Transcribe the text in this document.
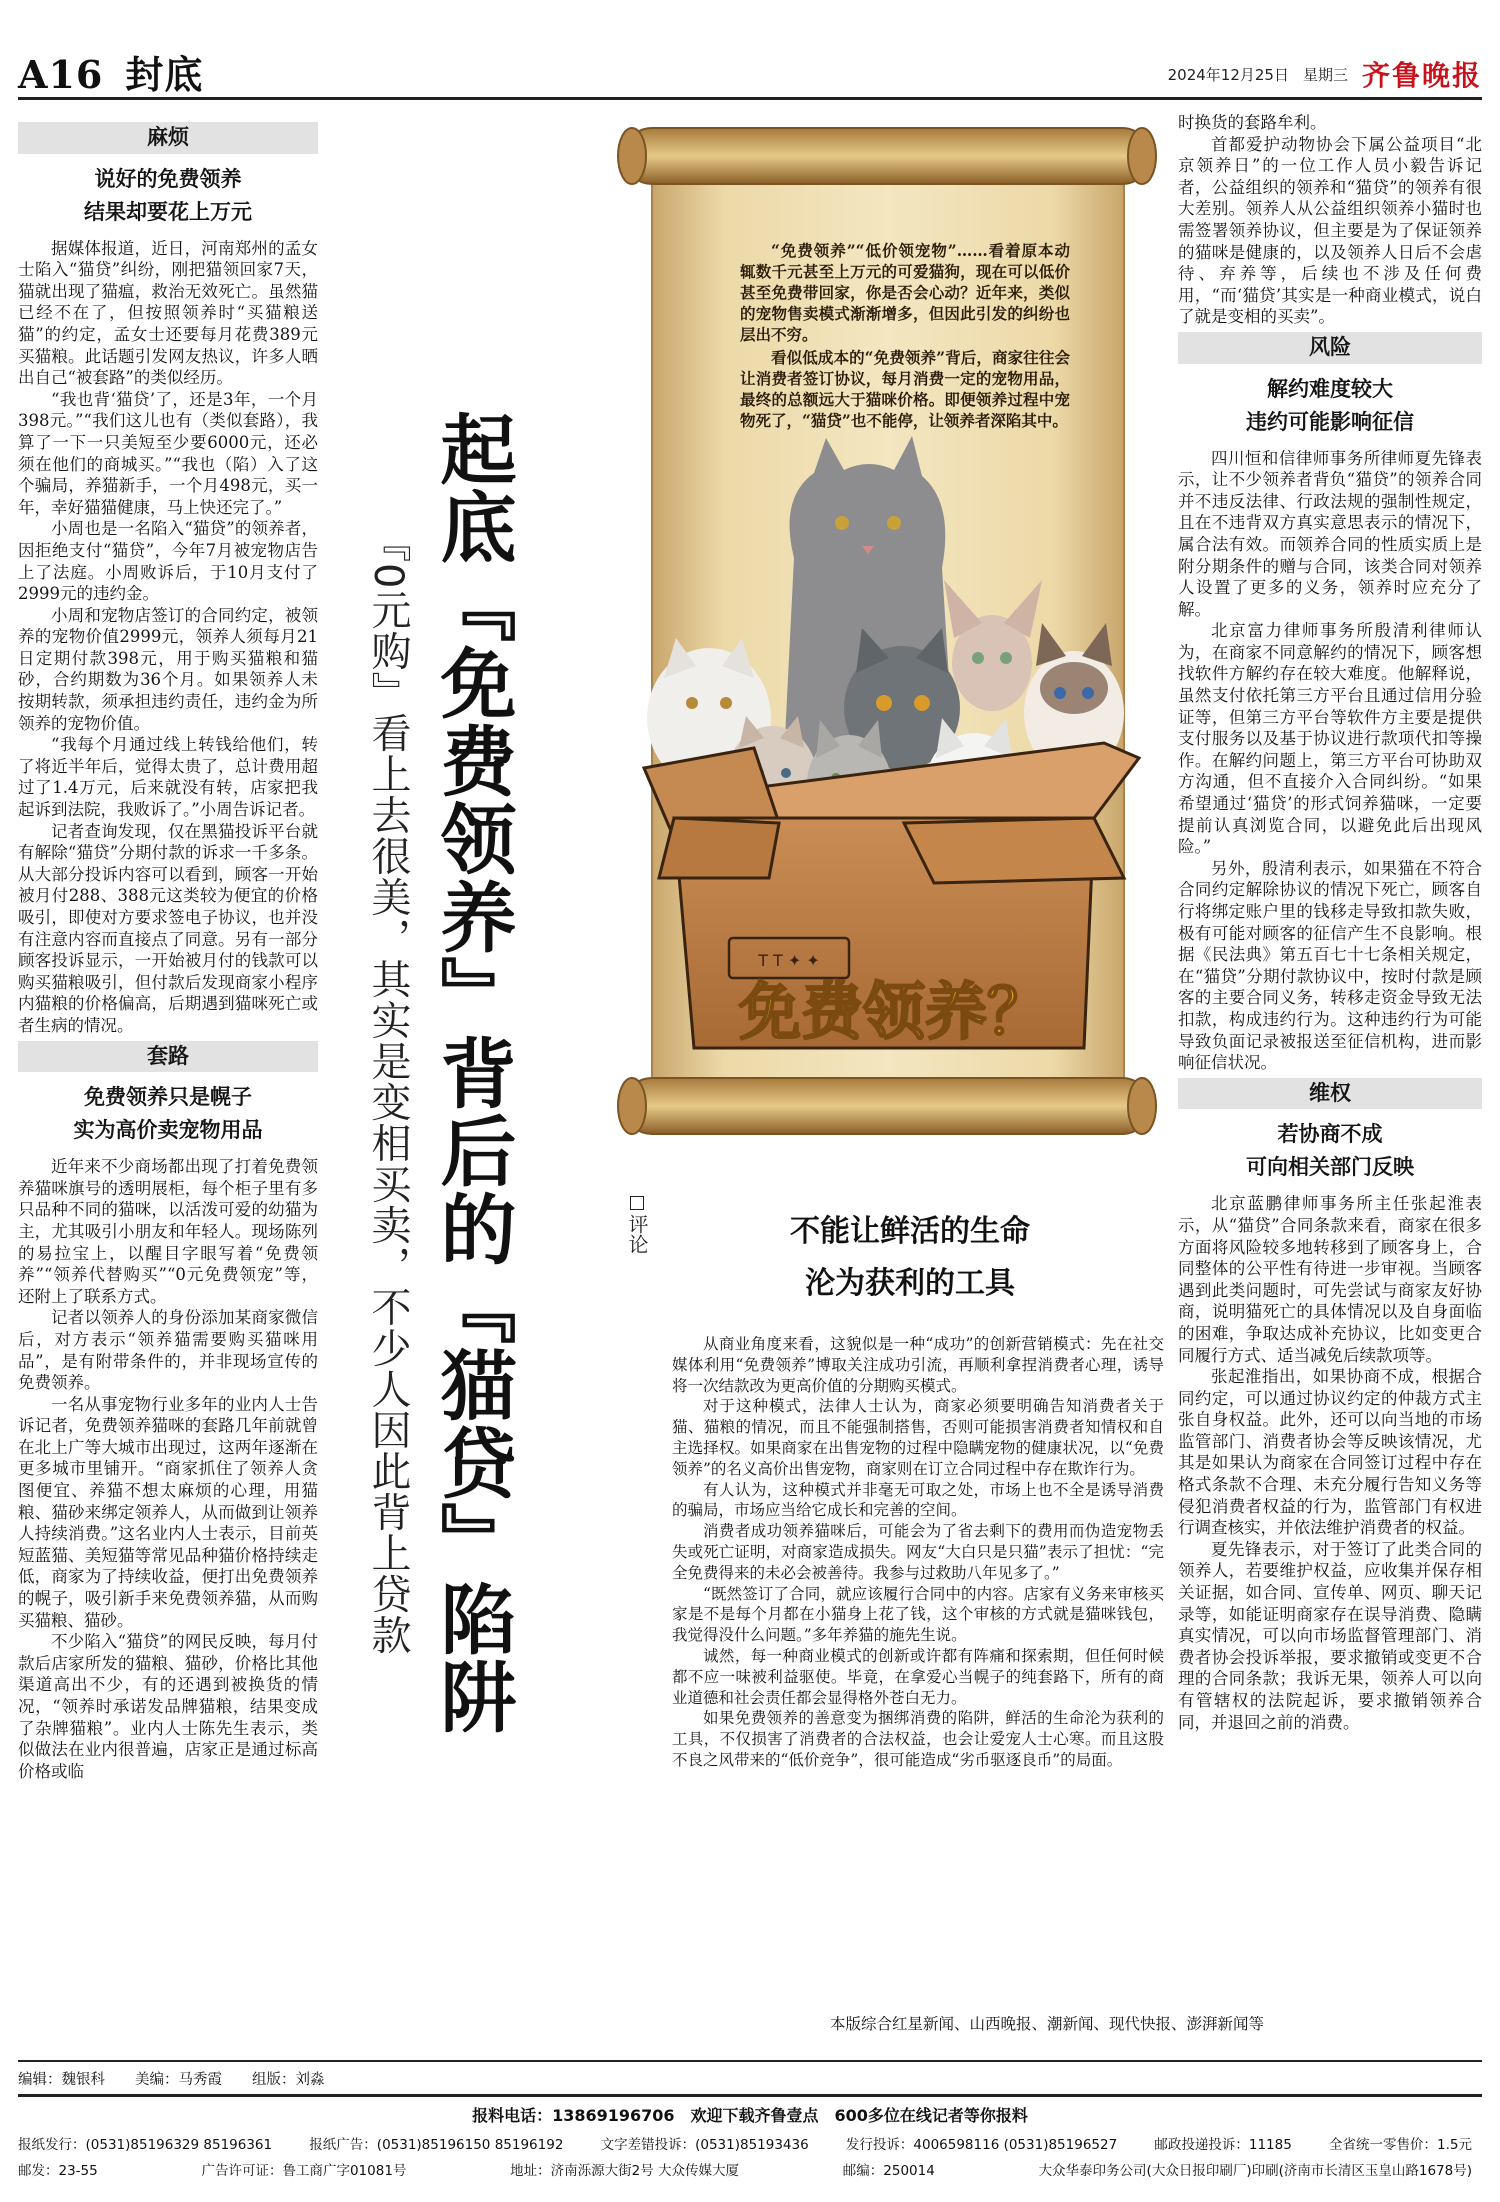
A16 封底	2024年12月25日 星期三 齐鲁晚报
麻烦
说好的免费领养
结果却要花上万元

据媒体报道，近日，河南郑州的孟女士陷入“猫贷”纠纷，刚把猫领回家7天，猫就出现了猫瘟，救治无效死亡。虽然猫已经不在了，但按照领养时“买猫粮送猫”的约定，孟女士还要每月花费389元买猫粮。此话题引发网友热议，许多人晒出自己“被套路”的类似经历。

“我也背‘猫贷’了，还是3年，一个月398元。”“我们这儿也有（类似套路），我算了一下一只美短至少要6000元，还必须在他们的商城买。”“我也（陷）入了这个骗局，养猫新手，一个月498元，买一年，幸好猫猫健康，马上快还完了。”

小周也是一名陷入“猫贷”的领养者，因拒绝支付“猫贷”，今年7月被宠物店告上了法庭。小周败诉后，于10月支付了2999元的违约金。

小周和宠物店签订的合同约定，被领养的宠物价值2999元，领养人须每月21日定期付款398元，用于购买猫粮和猫砂，合约期数为36个月。如果领养人未按期转款，须承担违约责任，违约金为所领养的宠物价值。

“我每个月通过线上转钱给他们，转了将近半年后，觉得太贵了，总计费用超过了1.4万元，后来就没有转，店家把我起诉到法院，我败诉了。”小周告诉记者。

记者查询发现，仅在黑猫投诉平台就有解除“猫贷”分期付款的诉求一千多条。从大部分投诉内容可以看到，顾客一开始被月付288、388元这类较为便宜的价格吸引，即使对方要求签电子协议，也并没有注意内容而直接点了同意。另有一部分顾客投诉显示，一开始被月付的钱款可以购买猫粮吸引，但付款后发现商家小程序内猫粮的价格偏高，后期遇到猫咪死亡或者生病的情况。

套路
免费领养只是幌子
实为高价卖宠物用品

近年来不少商场都出现了打着免费领养猫咪旗号的透明展柜，每个柜子里有多只品种不同的猫咪，以活泼可爱的幼猫为主，尤其吸引小朋友和年轻人。现场陈列的易拉宝上，以醒目字眼写着“免费领养”“领养代替购买”“0元免费领宠”等，还附上了联系方式。

记者以领养人的身份添加某商家微信后，对方表示“领养猫需要购买猫咪用品”，是有附带条件的，并非现场宣传的免费领养。

一名从事宠物行业多年的业内人士告诉记者，免费领养猫咪的套路几年前就曾在北上广等大城市出现过，这两年逐渐在更多城市里铺开。“商家抓住了领养人贪图便宜、养猫不想太麻烦的心理，用猫粮、猫砂来绑定领养人，从而做到让领养人持续消费。”这名业内人士表示，目前英短蓝猫、美短猫等常见品种猫价格持续走低，商家为了持续收益，便打出免费领养的幌子，吸引新手来免费领养猫，从而购买猫粮、猫砂。

不少陷入“猫贷”的网民反映，每月付款后店家所发的猫粮、猫砂，价格比其他渠道高出不少，有的还遇到被换货的情况，“领养时承诺发品牌猫粮，结果变成了杂牌猫粮”。业内人士陈先生表示，类似做法在业内很普遍，店家正是通过标高价格或临

起底『免费领养』背后的『猫贷』陷阱
『0元购』看上去很美，其实是变相买卖，不少人因此背上贷款	T T ✦ ✦
免费领养？

“免费领养”“低价领宠物”……看着原本动辄数千元甚至上万元的可爱猫狗，现在可以低价甚至免费带回家，你是否会心动？近年来，类似的宠物售卖模式渐渐增多，但因此引发的纠纷也层出不穷。

看似低成本的“免费领养”背后，商家往往会让消费者签订协议，每月消费一定的宠物用品，最终的总额远大于猫咪价格。即便领养过程中宠物死了，“猫贷”也不能停，让领养者深陷其中。

评论	不能让鲜活的生命
沦为获利的工具

从商业角度来看，这貌似是一种“成功”的创新营销模式：先在社交媒体利用“免费领养”博取关注成功引流，再顺利拿捏消费者心理，诱导将一次结款改为更高价值的分期购买模式。

对于这种模式，法律人士认为，商家必须要明确告知消费者关于猫、猫粮的情况，而且不能强制搭售，否则可能损害消费者知情权和自主选择权。如果商家在出售宠物的过程中隐瞒宠物的健康状况，以“免费领养”的名义高价出售宠物，商家则在订立合同过程中存在欺诈行为。

有人认为，这种模式并非毫无可取之处，市场上也不全是诱导消费的骗局，市场应当给它成长和完善的空间。

消费者成功领养猫咪后，可能会为了省去剩下的费用而伪造宠物丢失或死亡证明，对商家造成损失。网友“大白只是只猫”表示了担忧：“完全免费得来的未必会被善待。我参与过救助八年见多了。”

“既然签订了合同，就应该履行合同中的内容。店家有义务来审核买家是不是每个月都在小猫身上花了钱，这个审核的方式就是猫咪钱包，我觉得没什么问题。”多年养猫的施先生说。

诚然，每一种商业模式的创新或许都有阵痛和探索期，但任何时候都不应一味被利益驱使。毕竟，在拿爱心当幌子的纯套路下，所有的商业道德和社会责任都会显得格外苍白无力。

如果免费领养的善意变为捆绑消费的陷阱，鲜活的生命沦为获利的工具，不仅损害了消费者的合法权益，也会让爱宠人士心寒。而且这股不良之风带来的“低价竞争”，很可能造成“劣币驱逐良币”的局面。

本版综合红星新闻、山西晚报、潮新闻、现代快报、澎湃新闻等

时换货的套路牟利。

首都爱护动物协会下属公益项目“北京领养日”的一位工作人员小毅告诉记者，公益组织的领养和“猫贷”的领养有很大差别。领养人从公益组织领养小猫时也需签署领养协议，但主要是为了保证领养的猫咪是健康的，以及领养人日后不会虐待、弃养等，后续也不涉及任何费用，“而‘猫贷’其实是一种商业模式，说白了就是变相的买卖”。

风险
解约难度较大
违约可能影响征信

四川恒和信律师事务所律师夏先锋表示，让不少领养者背负“猫贷”的领养合同并不违反法律、行政法规的强制性规定，且在不违背双方真实意思表示的情况下，属合法有效。而领养合同的性质实质上是附分期条件的赠与合同，该类合同对领养人设置了更多的义务，领养时应充分了解。

北京富力律师事务所殷清利律师认为，在商家不同意解约的情况下，顾客想找软件方解约存在较大难度。他解释说，虽然支付依托第三方平台且通过信用分验证等，但第三方平台等软件方主要是提供支付服务以及基于协议进行款项代扣等操作。在解约问题上，第三方平台可协助双方沟通，但不直接介入合同纠纷。“如果希望通过‘猫贷’的形式饲养猫咪，一定要提前认真浏览合同，以避免此后出现风险。”

另外，殷清利表示，如果猫在不符合合同约定解除协议的情况下死亡，顾客自行将绑定账户里的钱移走导致扣款失败，极有可能对顾客的征信产生不良影响。根据《民法典》第五百七十七条相关规定，在“猫贷”分期付款协议中，按时付款是顾客的主要合同义务，转移走资金导致无法扣款，构成违约行为。这种违约行为可能导致负面记录被报送至征信机构，进而影响征信状况。

维权
若协商不成
可向相关部门反映

北京蓝鹏律师事务所主任张起淮表示，从“猫贷”合同条款来看，商家在很多方面将风险较多地转移到了顾客身上，合同整体的公平性有待进一步审视。当顾客遇到此类问题时，可先尝试与商家友好协商，说明猫死亡的具体情况以及自身面临的困难，争取达成补充协议，比如变更合同履行方式、适当减免后续款项等。

张起淮指出，如果协商不成，根据合同约定，可以通过协议约定的仲裁方式主张自身权益。此外，还可以向当地的市场监管部门、消费者协会等反映该情况，尤其是如果认为商家在合同签订过程中存在格式条款不合理、未充分履行告知义务等侵犯消费者权益的行为，监管部门有权进行调查核实，并依法维护消费者的权益。

夏先锋表示，对于签订了此类合同的领养人，若要维护权益，应收集并保存相关证据，如合同、宣传单、网页、聊天记录等，如能证明商家存在误导消费、隐瞒真实情况，可以向市场监督管理部门、消费者协会投诉举报，要求撤销或变更不合理的合同条款；我诉无果，领养人可以向有管辖权的法院起诉，要求撤销领养合同，并退回之前的消费。

编辑：魏银科 美编：马秀霞 组版：刘淼
报料电话：13869196706　欢迎下载齐鲁壹点　600多位在线记者等你报料
报纸发行：(0531)85196329 85196361	报纸广告：(0531)85196150 85196192	文字差错投诉：(0531)85193436	发行投诉：4006598116 (0531)85196527	邮政投递投诉：11185	全省统一零售价：1.5元
邮发：23-55	广告许可证：鲁工商广字01081号	地址：济南泺源大街2号 大众传媒大厦	邮编：250014	大众华泰印务公司(大众日报印刷厂)印刷(济南市长清区玉皇山路1678号)
